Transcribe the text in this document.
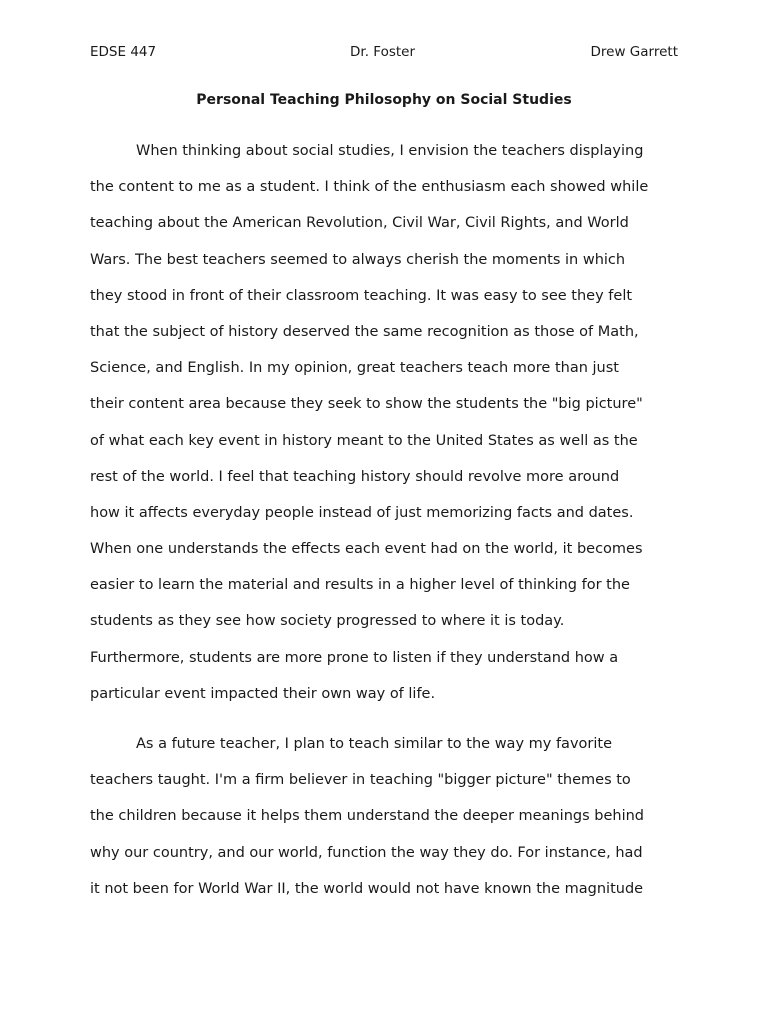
EDSE 447	Dr. Foster	Drew Garrett
Personal Teaching Philosophy on Social Studies
When thinking about social studies, I envision the teachers displaying
the content to me as a student. I think of the enthusiasm each showed while
teaching about the American Revolution, Civil War, Civil Rights, and World
Wars. The best teachers seemed to always cherish the moments in which
they stood in front of their classroom teaching. It was easy to see they felt
that the subject of history deserved the same recognition as those of Math,
Science, and English. In my opinion, great teachers teach more than just
their content area because they seek to show the students the "big picture"
of what each key event in history meant to the United States as well as the
rest of the world. I feel that teaching history should revolve more around
how it affects everyday people instead of just memorizing facts and dates.
When one understands the effects each event had on the world, it becomes
easier to learn the material and results in a higher level of thinking for the
students as they see how society progressed to where it is today.
Furthermore, students are more prone to listen if they understand how a
particular event impacted their own way of life.
As a future teacher, I plan to teach similar to the way my favorite
teachers taught. I'm a firm believer in teaching "bigger picture" themes to
the children because it helps them understand the deeper meanings behind
why our country, and our world, function the way they do. For instance, had
it not been for World War II, the world would not have known the magnitude
